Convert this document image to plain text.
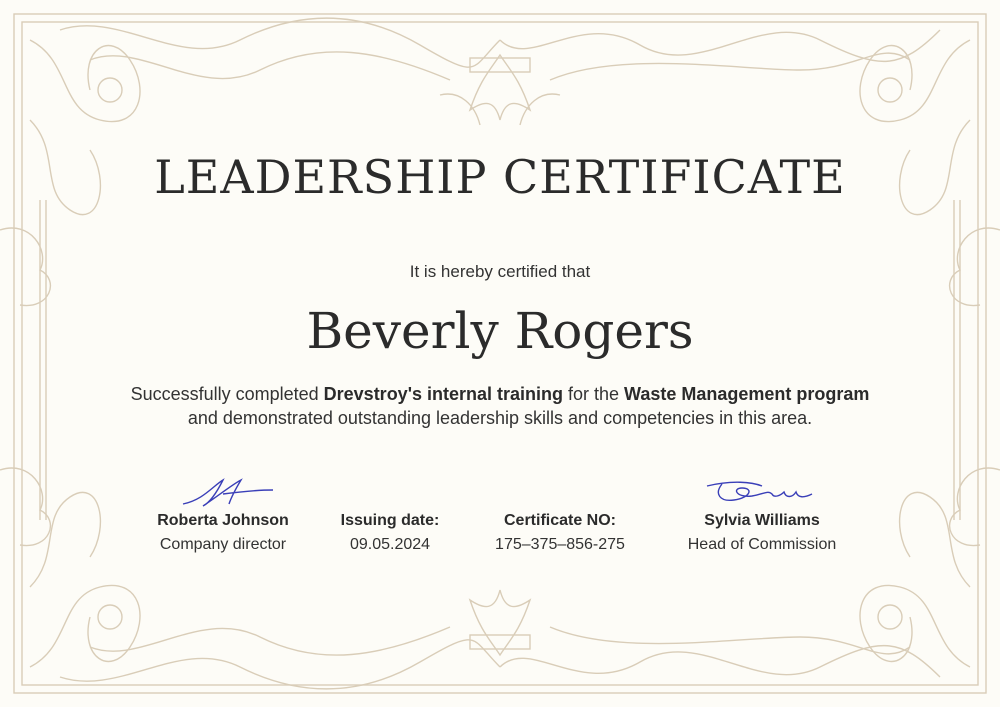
LEADERSHIP CERTIFICATE
It is hereby certified that
Beverly Rogers
Successfully completed Drevstroy's internal training for the Waste Management program
and demonstrated outstanding leadership skills and competencies in this area.
Roberta Johnson
Company director
Issuing date:
09.05.2024
Certificate NO:
175–375–856-275
Sylvia Williams
Head of Commission
